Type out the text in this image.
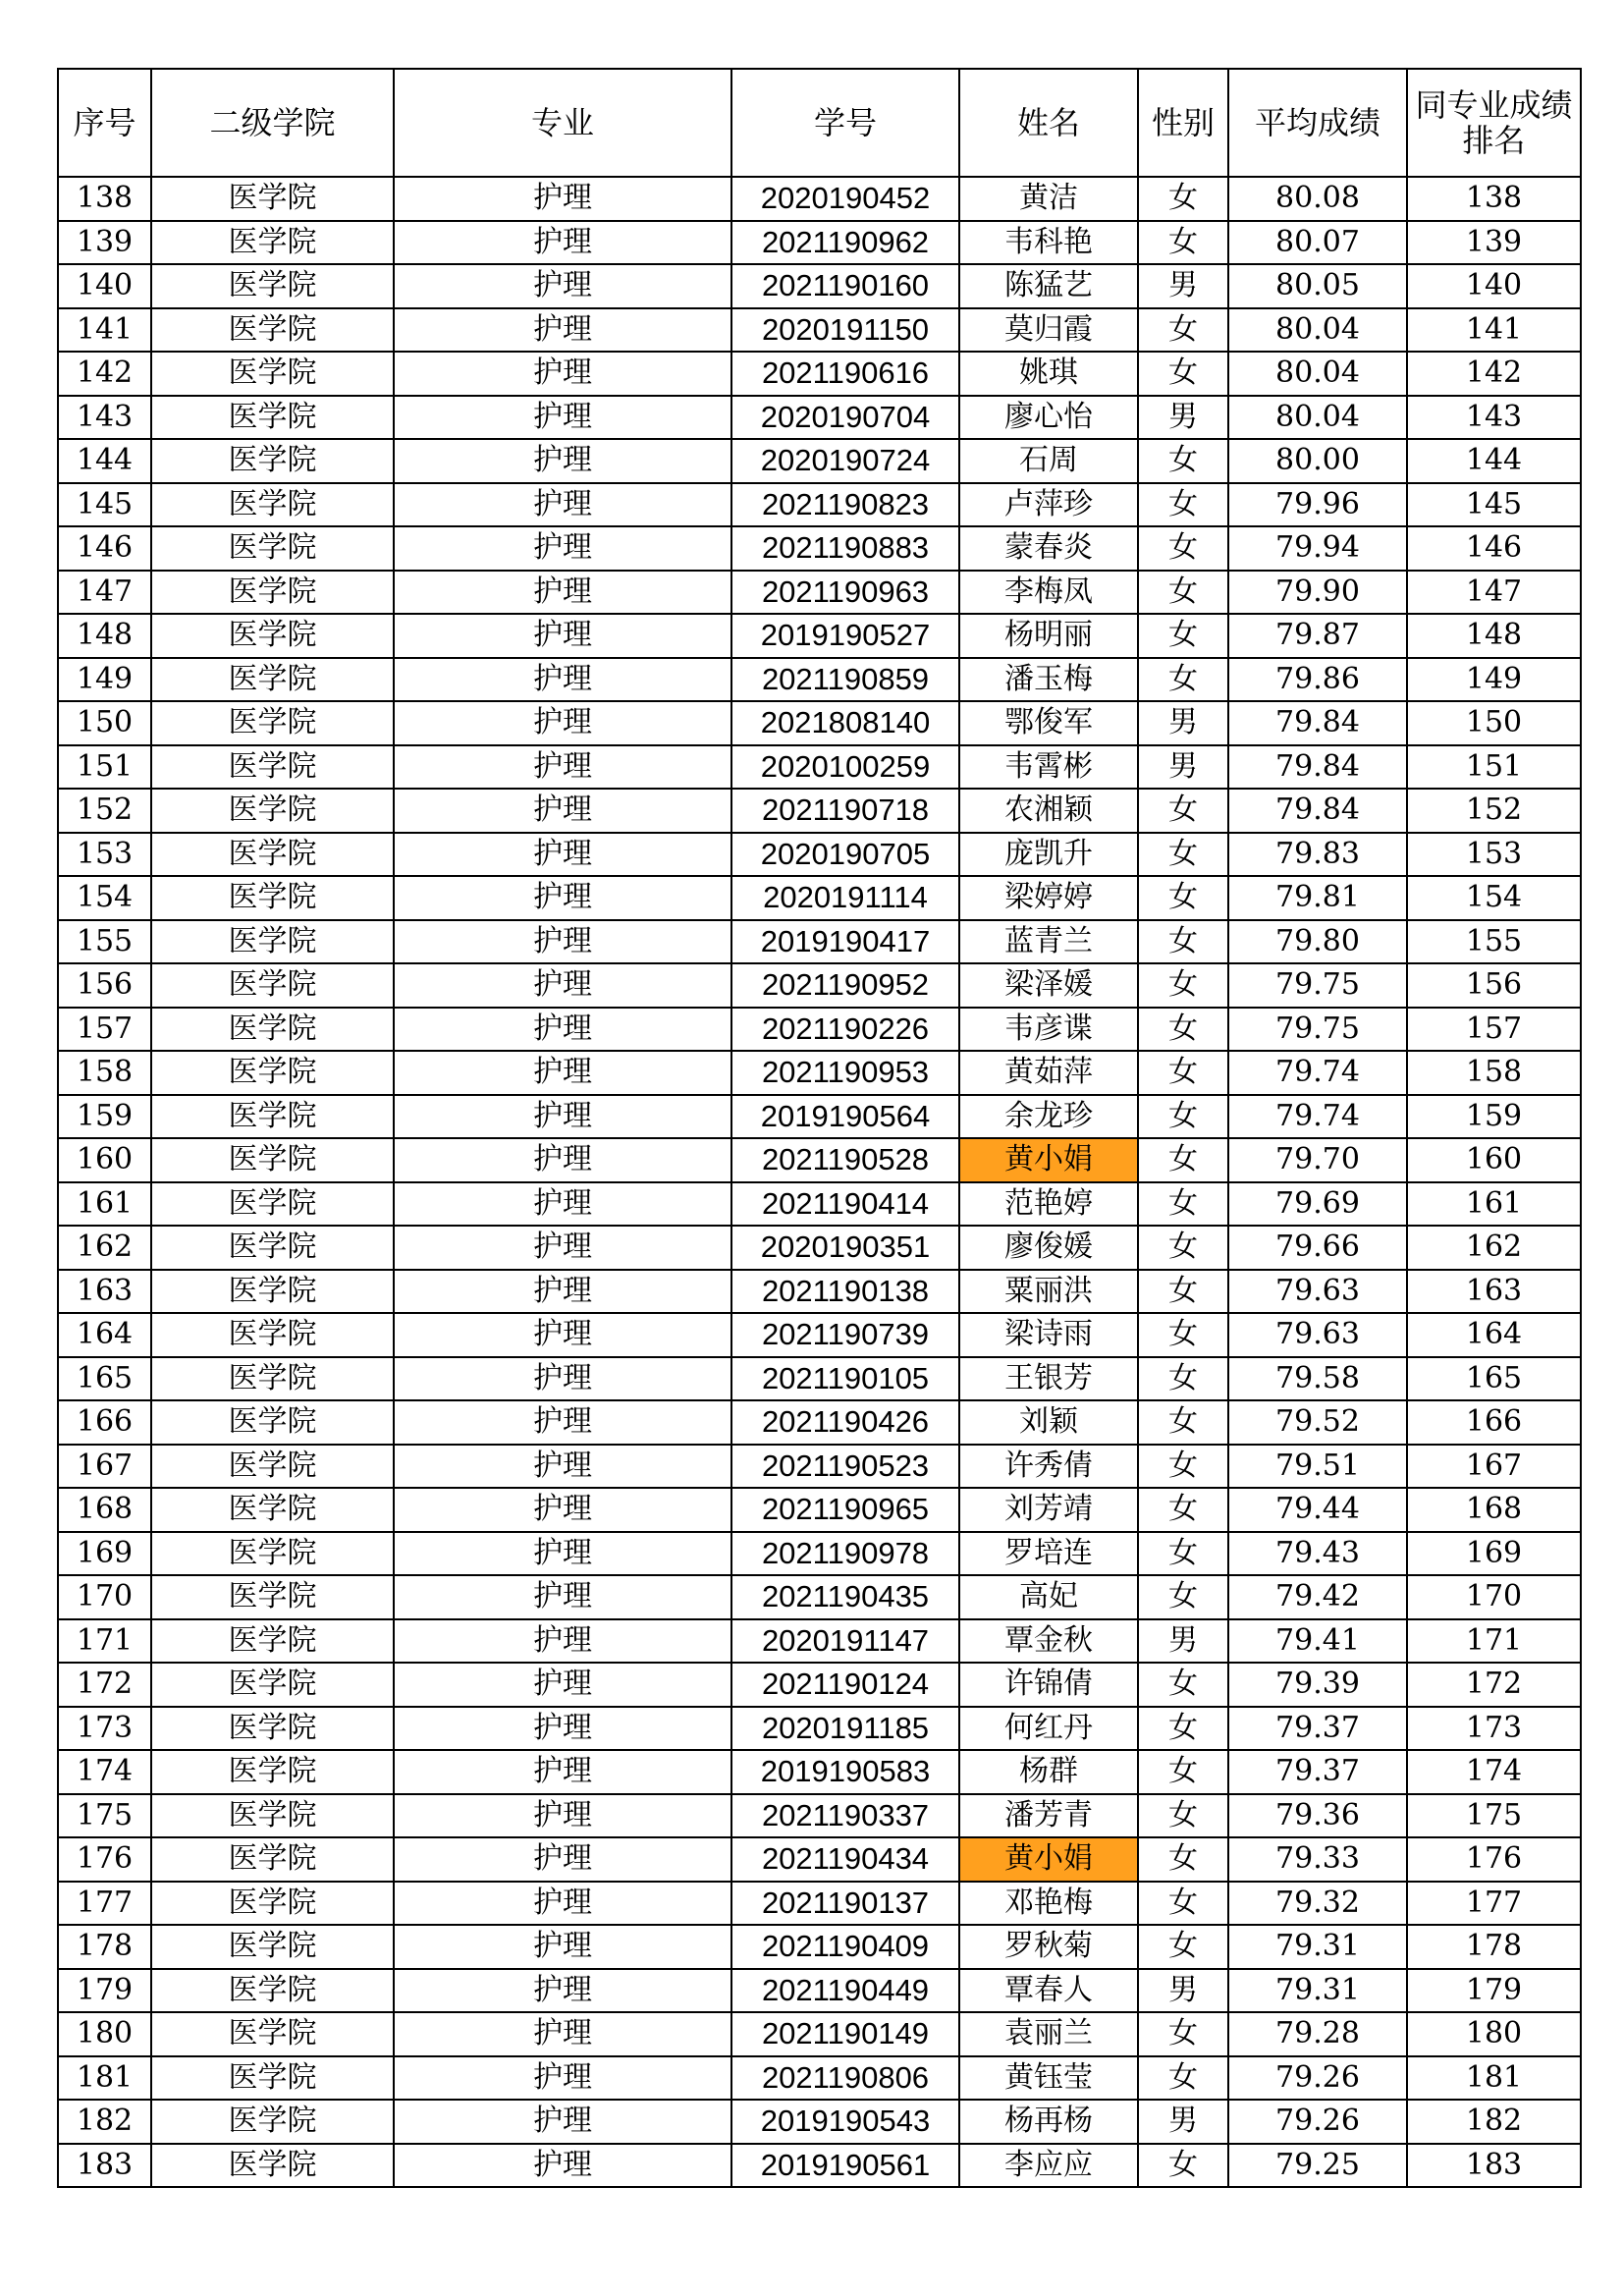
序号	二级学院	专业	学号	姓名	性别	平均成绩	同专业成绩排名
138	医学院	护理	2020190452	黄洁	女	80.08	138
139	医学院	护理	2021190962	韦科艳	女	80.07	139
140	医学院	护理	2021190160	陈猛艺	男	80.05	140
141	医学院	护理	2020191150	莫归霞	女	80.04	141
142	医学院	护理	2021190616	姚琪	女	80.04	142
143	医学院	护理	2020190704	廖心怡	男	80.04	143
144	医学院	护理	2020190724	石周	女	80.00	144
145	医学院	护理	2021190823	卢萍珍	女	79.96	145
146	医学院	护理	2021190883	蒙春炎	女	79.94	146
147	医学院	护理	2021190963	李梅凤	女	79.90	147
148	医学院	护理	2019190527	杨明丽	女	79.87	148
149	医学院	护理	2021190859	潘玉梅	女	79.86	149
150	医学院	护理	2021808140	鄂俊军	男	79.84	150
151	医学院	护理	2020100259	韦霄彬	男	79.84	151
152	医学院	护理	2021190718	农湘颖	女	79.84	152
153	医学院	护理	2020190705	庞凯升	女	79.83	153
154	医学院	护理	2020191114	梁婷婷	女	79.81	154
155	医学院	护理	2019190417	蓝青兰	女	79.80	155
156	医学院	护理	2021190952	梁泽媛	女	79.75	156
157	医学院	护理	2021190226	韦彦谍	女	79.75	157
158	医学院	护理	2021190953	黄茹萍	女	79.74	158
159	医学院	护理	2019190564	余龙珍	女	79.74	159
160	医学院	护理	2021190528	黄小娟	女	79.70	160
161	医学院	护理	2021190414	范艳婷	女	79.69	161
162	医学院	护理	2020190351	廖俊媛	女	79.66	162
163	医学院	护理	2021190138	粟丽洪	女	79.63	163
164	医学院	护理	2021190739	梁诗雨	女	79.63	164
165	医学院	护理	2021190105	王银芳	女	79.58	165
166	医学院	护理	2021190426	刘颖	女	79.52	166
167	医学院	护理	2021190523	许秀倩	女	79.51	167
168	医学院	护理	2021190965	刘芳靖	女	79.44	168
169	医学院	护理	2021190978	罗培连	女	79.43	169
170	医学院	护理	2021190435	高妃	女	79.42	170
171	医学院	护理	2020191147	覃金秋	男	79.41	171
172	医学院	护理	2021190124	许锦倩	女	79.39	172
173	医学院	护理	2020191185	何红丹	女	79.37	173
174	医学院	护理	2019190583	杨群	女	79.37	174
175	医学院	护理	2021190337	潘芳青	女	79.36	175
176	医学院	护理	2021190434	黄小娟	女	79.33	176
177	医学院	护理	2021190137	邓艳梅	女	79.32	177
178	医学院	护理	2021190409	罗秋菊	女	79.31	178
179	医学院	护理	2021190449	覃春人	男	79.31	179
180	医学院	护理	2021190149	袁丽兰	女	79.28	180
181	医学院	护理	2021190806	黄钰莹	女	79.26	181
182	医学院	护理	2019190543	杨再杨	男	79.26	182
183	医学院	护理	2019190561	李应应	女	79.25	183
